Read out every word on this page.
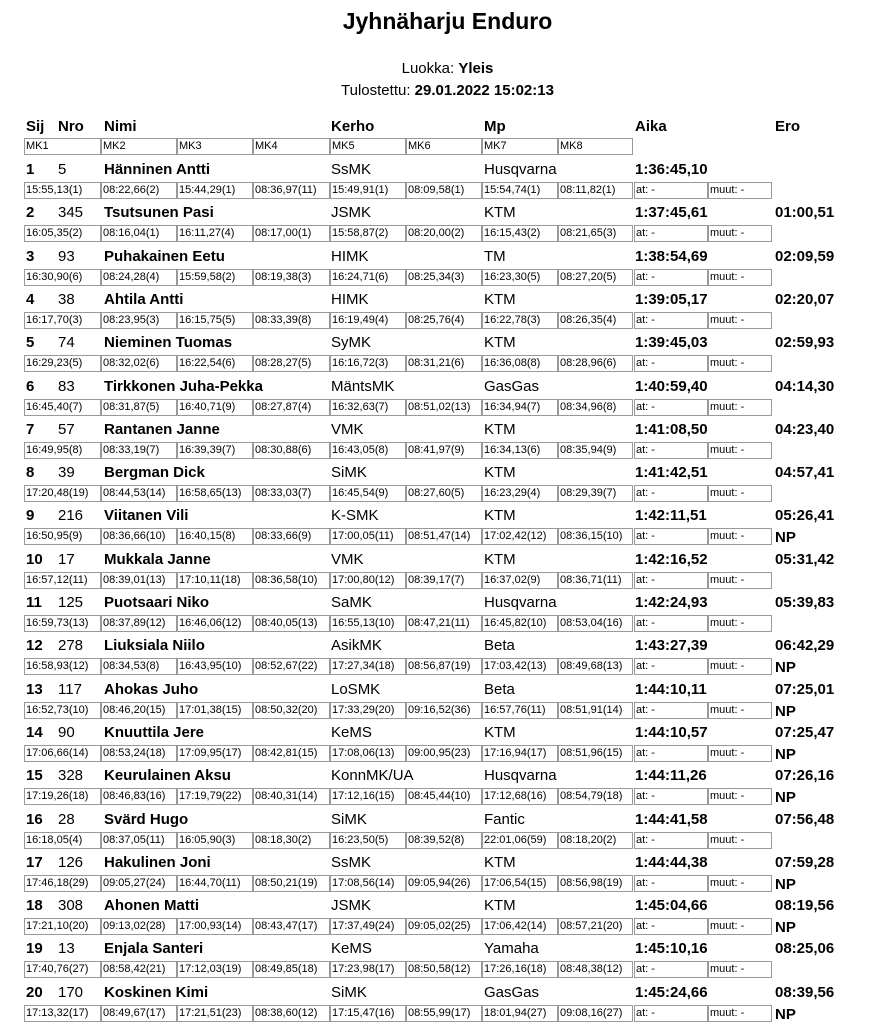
Jyhnäharju Enduro
Luokka: Yleis
Tulostettu: 29.01.2022 15:02:13
Sij Nro Nimi	Kerho	Mp	Aika	Ero
MK1	MK2	MK3	MK4	MK5	MK6	MK7	MK8
1 5	Hänninen Antti	SsMK	Husqvarna	1:36:45,10
15:55,13(1)	08:22,66(2)	15:44,29(1)	08:36,97(11)	15:49,91(1)	08:09,58(1)	15:54,74(1)	08:11,82(1)	at: -	muut: -
2 345 Tsutsunen Pasi	JSMK	KTM	1:37:45,61	01:00,51
16:05,35(2)	08:16,04(1)	16:11,27(4)	08:17,00(1)	15:58,87(2)	08:20,00(2)	16:15,43(2)	08:21,65(3)	at: -	muut: -
3 93 Puhakainen Eetu	HIMK	TM	1:38:54,69	02:09,59
16:30,90(6)	08:24,28(4)	15:59,58(2)	08:19,38(3)	16:24,71(6)	08:25,34(3)	16:23,30(5)	08:27,20(5)	at: -	muut: -
4 38 Ahtila Antti	HIMK	KTM	1:39:05,17	02:20,07
16:17,70(3)	08:23,95(3)	16:15,75(5)	08:33,39(8)	16:19,49(4)	08:25,76(4)	16:22,78(3)	08:26,35(4)	at: -	muut: -
5 74 Nieminen Tuomas	SyMK	KTM	1:39:45,03	02:59,93
16:29,23(5)	08:32,02(6)	16:22,54(6)	08:28,27(5)	16:16,72(3)	08:31,21(6)	16:36,08(8)	08:28,96(6)	at: -	muut: -
6 83 Tirkkonen Juha-Pekka	MäntsMK	GasGas	1:40:59,40	04:14,30
16:45,40(7)	08:31,87(5)	16:40,71(9)	08:27,87(4)	16:32,63(7)	08:51,02(13)	16:34,94(7)	08:34,96(8)	at: -	muut: -
7 57 Rantanen Janne	VMK	KTM	1:41:08,50	04:23,40
16:49,95(8)	08:33,19(7)	16:39,39(7)	08:30,88(6)	16:43,05(8)	08:41,97(9)	16:34,13(6)	08:35,94(9)	at: -	muut: -
8 39 Bergman Dick	SiMK	KTM	1:41:42,51	04:57,41
17:20,48(19)	08:44,53(14)	16:58,65(13)	08:33,03(7)	16:45,54(9)	08:27,60(5)	16:23,29(4)	08:29,39(7)	at: -	muut: -
9 216 Viitanen Vili	K-SMK	KTM	1:42:11,51	05:26,41
16:50,95(9)	08:36,66(10)	16:40,15(8)	08:33,66(9)	17:00,05(11)	08:51,47(14)	17:02,42(12)	08:36,15(10)	at: -	muut: -	NP
10 17 Mukkala Janne	VMK	KTM	1:42:16,52	05:31,42
16:57,12(11)	08:39,01(13)	17:10,11(18)	08:36,58(10)	17:00,80(12)	08:39,17(7)	16:37,02(9)	08:36,71(11)	at: -	muut: -
11 125 Puotsaari Niko	SaMK	Husqvarna	1:42:24,93	05:39,83
16:59,73(13)	08:37,89(12)	16:46,06(12)	08:40,05(13)	16:55,13(10)	08:47,21(11)	16:45,82(10)	08:53,04(16)	at: -	muut: -
12 278 Liuksiala Niilo	AsikMK	Beta	1:43:27,39	06:42,29
16:58,93(12)	08:34,53(8)	16:43,95(10)	08:52,67(22)	17:27,34(18)	08:56,87(19)	17:03,42(13)	08:49,68(13)	at: -	muut: -	NP
13 117 Ahokas Juho	LoSMK	Beta	1:44:10,11	07:25,01
16:52,73(10)	08:46,20(15)	17:01,38(15)	08:50,32(20)	17:33,29(20)	09:16,52(36)	16:57,76(11)	08:51,91(14)	at: -	muut: -	NP
14 90 Knuuttila Jere	KeMS	KTM	1:44:10,57	07:25,47
17:06,66(14)	08:53,24(18)	17:09,95(17)	08:42,81(15)	17:08,06(13)	09:00,95(23)	17:16,94(17)	08:51,96(15)	at: -	muut: -	NP
15 328 Keurulainen Aksu	KonnMK/UA	Husqvarna	1:44:11,26	07:26,16
17:19,26(18)	08:46,83(16)	17:19,79(22)	08:40,31(14)	17:12,16(15)	08:45,44(10)	17:12,68(16)	08:54,79(18)	at: -	muut: -	NP
16 28 Svärd Hugo	SiMK	Fantic	1:44:41,58	07:56,48
16:18,05(4)	08:37,05(11)	16:05,90(3)	08:18,30(2)	16:23,50(5)	08:39,52(8)	22:01,06(59)	08:18,20(2)	at: -	muut: -
17 126 Hakulinen Joni	SsMK	KTM	1:44:44,38	07:59,28
17:46,18(29)	09:05,27(24)	16:44,70(11)	08:50,21(19)	17:08,56(14)	09:05,94(26)	17:06,54(15)	08:56,98(19)	at: -	muut: -	NP
18 308 Ahonen Matti	JSMK	KTM	1:45:04,66	08:19,56
17:21,10(20)	09:13,02(28)	17:00,93(14)	08:43,47(17)	17:37,49(24)	09:05,02(25)	17:06,42(14)	08:57,21(20)	at: -	muut: -	NP
19 13 Enjala Santeri	KeMS	Yamaha	1:45:10,16	08:25,06
17:40,76(27)	08:58,42(21)	17:12,03(19)	08:49,85(18)	17:23,98(17)	08:50,58(12)	17:26,16(18)	08:48,38(12)	at: -	muut: -
20 170 Koskinen Kimi	SiMK	GasGas	1:45:24,66	08:39,56
17:13,32(17)	08:49,67(17)	17:21,51(23)	08:38,60(12)	17:15,47(16)	08:55,99(17)	18:01,94(27)	09:08,16(27)	at: -	muut: -	NP
